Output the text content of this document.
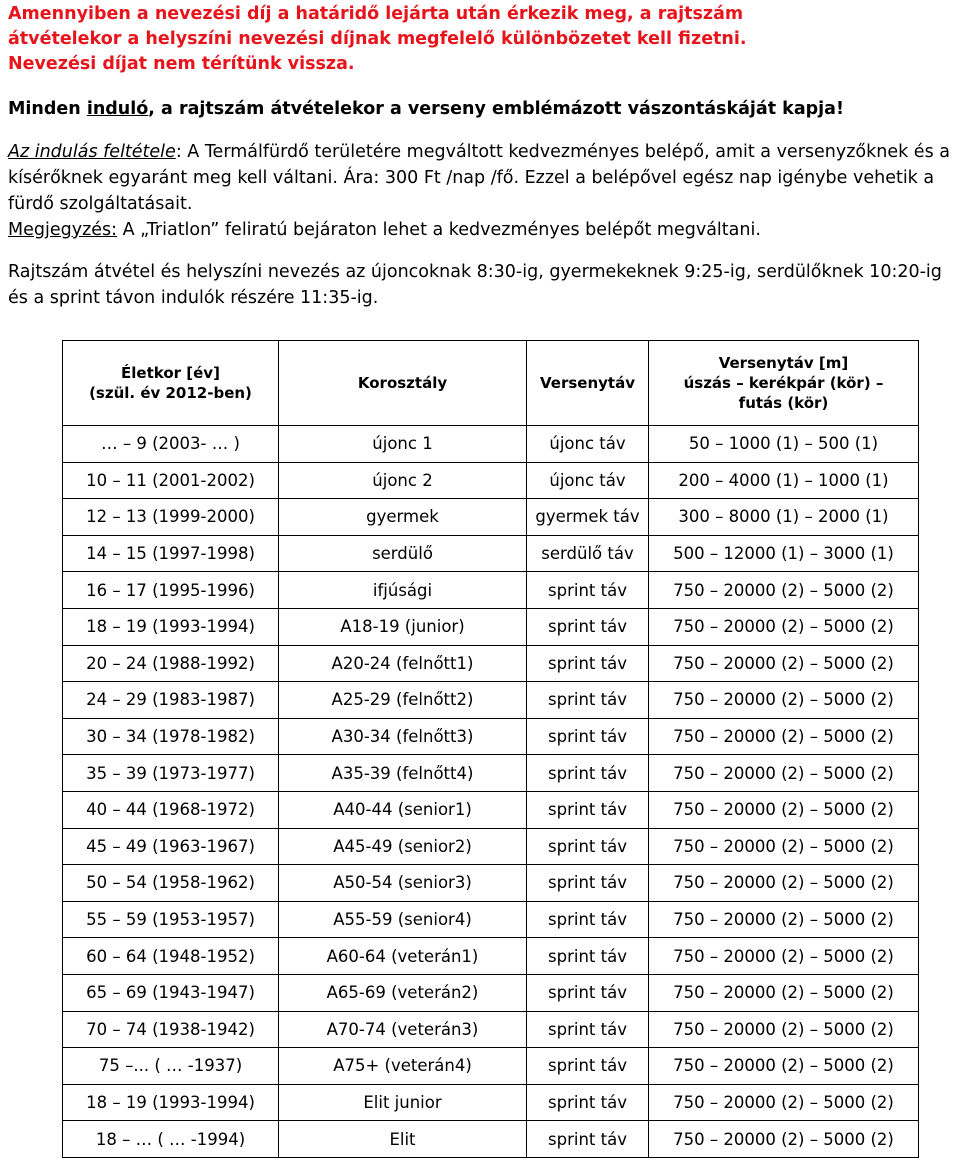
Amennyiben a nevezési díj a határidő lejárta után érkezik meg, a rajtszám
átvételekor a helyszíni nevezési díjnak megfelelő különbözetet kell fizetni.
Nevezési díjat nem térítünk vissza.

Minden induló, a rajtszám átvételekor a verseny emblémázott vászontáskáját kapja!

Az indulás feltétele: A Termálfürdő területére megváltott kedvezményes belépő, amit a versenyzőknek és a kísérőknek egyaránt meg kell váltani. Ára: 300 Ft /nap /fő. Ezzel a belépővel egész nap igénybe vehetik a fürdő szolgáltatásait.
Megjegyzés: A „Triatlon” feliratú bejáraton lehet a kedvezményes belépőt megváltani.

Rajtszám átvétel és helyszíni nevezés az újoncoknak 8:30-ig, gyermekeknek 9:25-ig, serdülőknek 10:20-ig és a sprint távon indulók részére 11:35-ig.

Életkor [év]
(szül. év 2012-ben)	Korosztály	Versenytáv	Versenytáv [m]
úszás – kerékpár (kör) –
futás (kör)
… – 9 (2003- … )	újonc 1	újonc táv	50 – 1000 (1) – 500 (1)
10 – 11 (2001-2002)	újonc 2	újonc táv	200 – 4000 (1) – 1000 (1)
12 – 13 (1999-2000)	gyermek	gyermek táv	300 – 8000 (1) – 2000 (1)
14 – 15 (1997-1998)	serdülő	serdülő táv	500 – 12000 (1) – 3000 (1)
16 – 17 (1995-1996)	ifjúsági	sprint táv	750 – 20000 (2) – 5000 (2)
18 – 19 (1993-1994)	A18-19 (junior)	sprint táv	750 – 20000 (2) – 5000 (2)
20 – 24 (1988-1992)	A20-24 (felnőtt1)	sprint táv	750 – 20000 (2) – 5000 (2)
24 – 29 (1983-1987)	A25-29 (felnőtt2)	sprint táv	750 – 20000 (2) – 5000 (2)
30 – 34 (1978-1982)	A30-34 (felnőtt3)	sprint táv	750 – 20000 (2) – 5000 (2)
35 – 39 (1973-1977)	A35-39 (felnőtt4)	sprint táv	750 – 20000 (2) – 5000 (2)
40 – 44 (1968-1972)	A40-44 (senior1)	sprint táv	750 – 20000 (2) – 5000 (2)
45 – 49 (1963-1967)	A45-49 (senior2)	sprint táv	750 – 20000 (2) – 5000 (2)
50 – 54 (1958-1962)	A50-54 (senior3)	sprint táv	750 – 20000 (2) – 5000 (2)
55 – 59 (1953-1957)	A55-59 (senior4)	sprint táv	750 – 20000 (2) – 5000 (2)
60 – 64 (1948-1952)	A60-64 (veterán1)	sprint táv	750 – 20000 (2) – 5000 (2)
65 – 69 (1943-1947)	A65-69 (veterán2)	sprint táv	750 – 20000 (2) – 5000 (2)
70 – 74 (1938-1942)	A70-74 (veterán3)	sprint táv	750 – 20000 (2) – 5000 (2)
75 –... ( … -1937)	A75+ (veterán4)	sprint táv	750 – 20000 (2) – 5000 (2)
18 – 19 (1993-1994)	Elit junior	sprint táv	750 – 20000 (2) – 5000 (2)
18 – … ( … -1994)	Elit	sprint táv	750 – 20000 (2) – 5000 (2)
